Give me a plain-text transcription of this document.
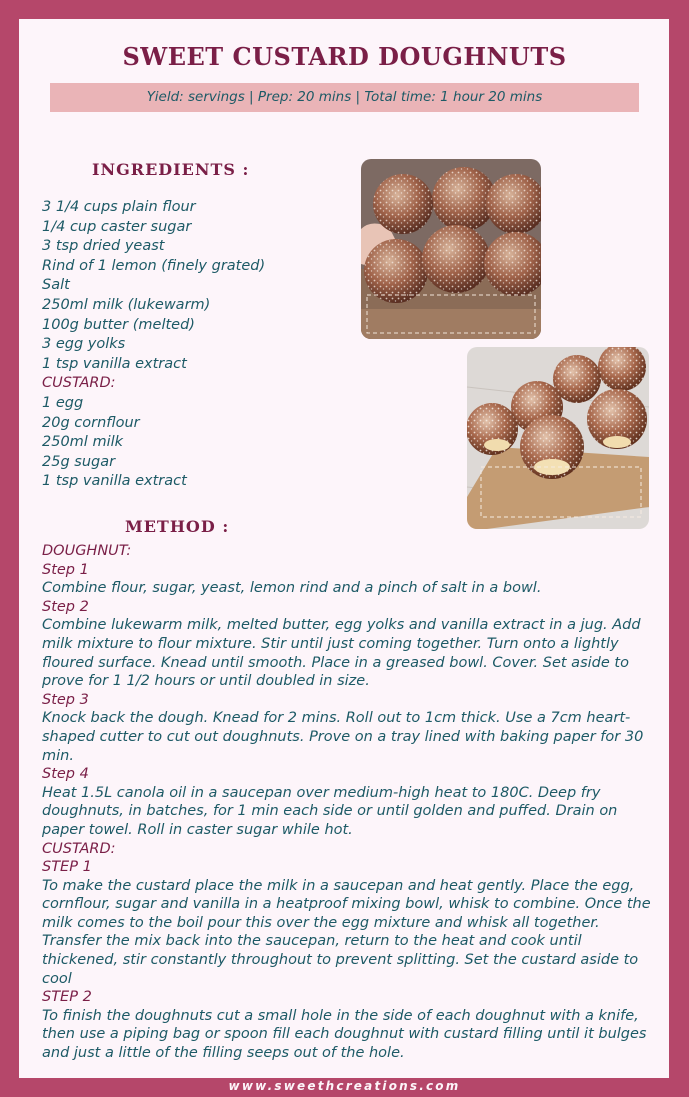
SWEET CUSTARD DOUGHNUTS
Yield: servings | Prep: 20 mins | Total time: 1 hour 20 mins
INGREDIENTS :
3 1/4 cups plain flour
1/4 cup caster sugar
3 tsp dried yeast
Rind of 1 lemon (finely grated)
Salt
250ml milk (lukewarm)
100g butter (melted)
3 egg yolks
1 tsp vanilla extract
CUSTARD:
1 egg
20g cornflour
250ml milk
25g sugar
1 tsp vanilla extract
METHOD :

DOUGHNUT:

Step 1

Combine flour, sugar, yeast, lemon rind and a pinch of salt in a bowl.

Step 2

Combine lukewarm milk, melted butter, egg yolks and vanilla extract in a jug. Add milk mixture to flour mixture. Stir until just coming together. Turn onto a lightly floured surface. Knead until smooth. Place in a greased bowl. Cover. Set aside to prove for 1 1/2 hours or until doubled in size.

Step 3

Knock back the dough. Knead for 2 mins. Roll out to 1cm thick. Use a 7cm heart-shaped cutter to cut out doughnuts. Prove on a tray lined with baking paper for 30 min.

Step 4

Heat 1.5L canola oil in a saucepan over medium-high heat to 180C. Deep fry doughnuts, in batches, for 1 min each side or until golden and puffed. Drain on paper towel. Roll in caster sugar while hot.

CUSTARD:

STEP 1

To make the custard place the milk in a saucepan and heat gently. Place the egg, cornflour, sugar and vanilla in a heatproof mixing bowl, whisk to combine. Once the milk comes to the boil pour this over the egg mixture and whisk all together. Transfer the mix back into the saucepan, return to the heat and cook until thickened, stir constantly throughout to prevent splitting. Set the custard aside to cool

STEP 2

To finish the doughnuts cut a small hole in the side of each doughnut with a knife, then use a piping bag or spoon fill each doughnut with custard filling until it bulges and just a little of the filling seeps out of the hole.

www.sweethcreations.com
